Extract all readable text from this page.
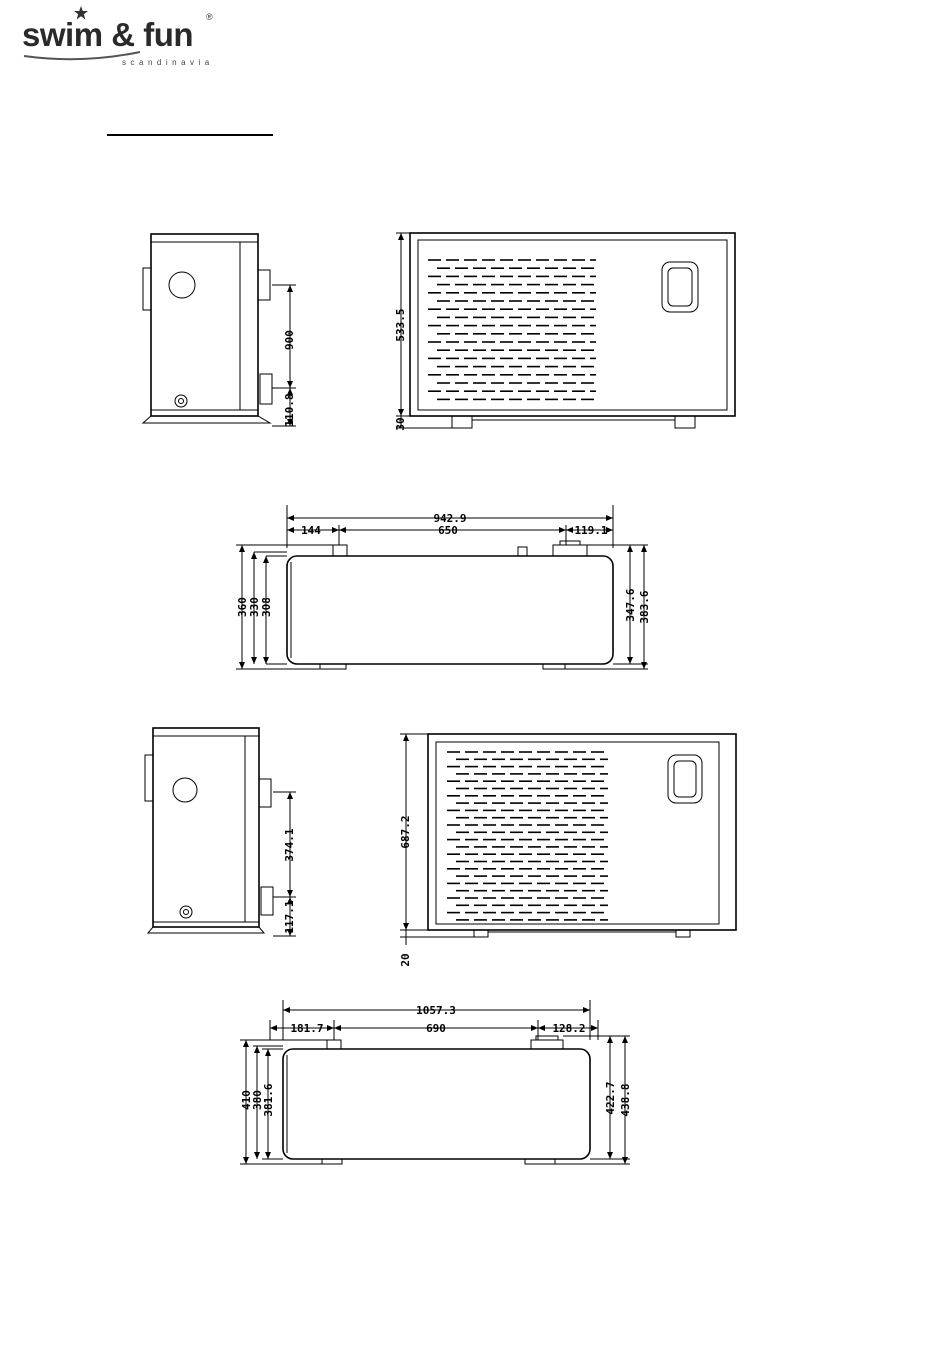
swim & fun ®
scandinavia
900
110.8
533.5
30
942.9
144	650	119.1
360 330 308	347.6 383.6
374.1
117.1
687.2
20
1057.3
181.7	690	128.2
410
380
381.6	422.7 438.8
